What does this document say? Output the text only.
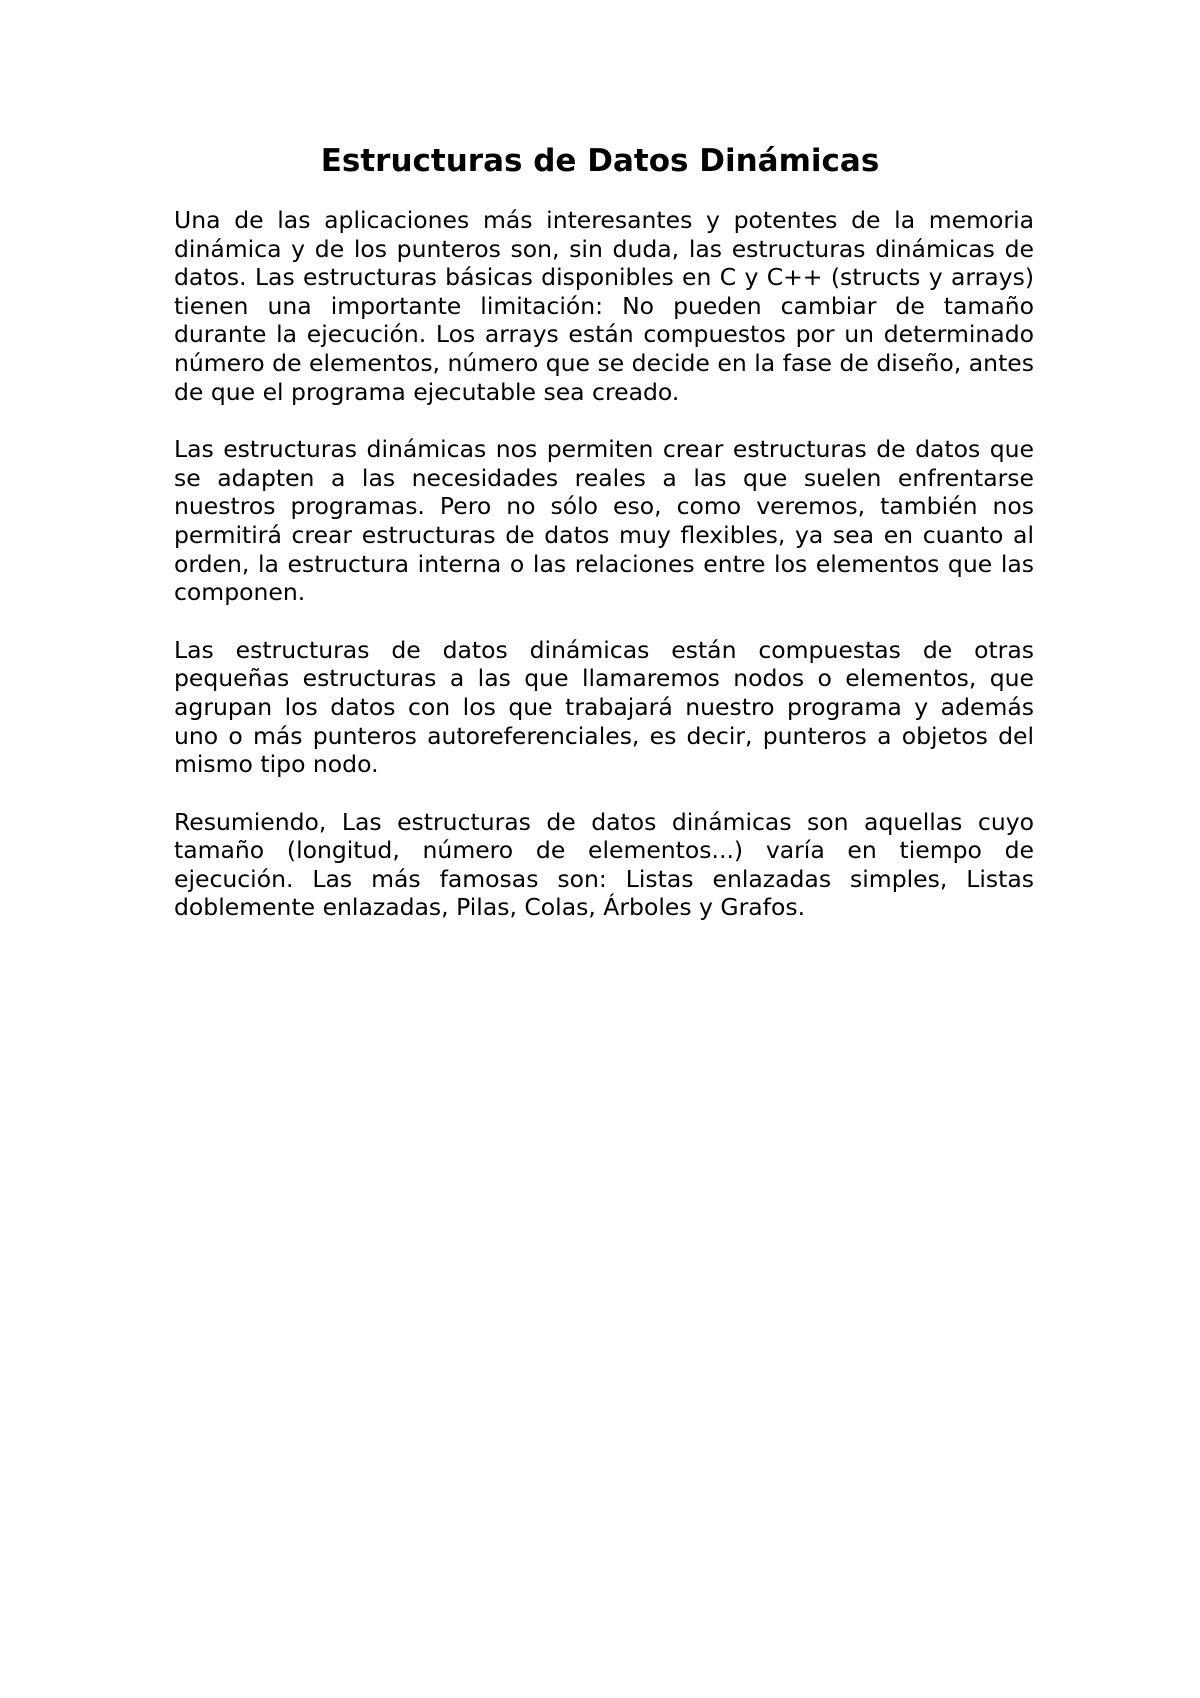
Estructuras de Datos Dinámicas

Una de las aplicaciones más interesantes y potentes de la memoria dinámica y de los punteros son, sin duda, las estructuras dinámicas de datos. Las estructuras básicas disponibles en C y C++ (structs y arrays) tienen una importante limitación: No pueden cambiar de tamaño durante la ejecución. Los arrays están compuestos por un determinado número de elementos, número que se decide en la fase de diseño, antes de que el programa ejecutable sea creado.

Las estructuras dinámicas nos permiten crear estructuras de datos que se adapten a las necesidades reales a las que suelen enfrentarse nuestros programas. Pero no sólo eso, como veremos, también nos permitirá crear estructuras de datos muy flexibles, ya sea en cuanto al orden, la estructura interna o las relaciones entre los elementos que las componen.

Las estructuras de datos dinámicas están compuestas de otras pequeñas estructuras a las que llamaremos nodos o elementos, que agrupan los datos con los que trabajará nuestro programa y además uno o más punteros autoreferenciales, es decir, punteros a objetos del mismo tipo nodo.

Resumiendo, Las estructuras de datos dinámicas son aquellas cuyo tamaño (longitud, número de elementos...) varía en tiempo de ejecución. Las más famosas son: Listas enlazadas simples, Listas doblemente enlazadas, Pilas, Colas, Árboles y Grafos.
